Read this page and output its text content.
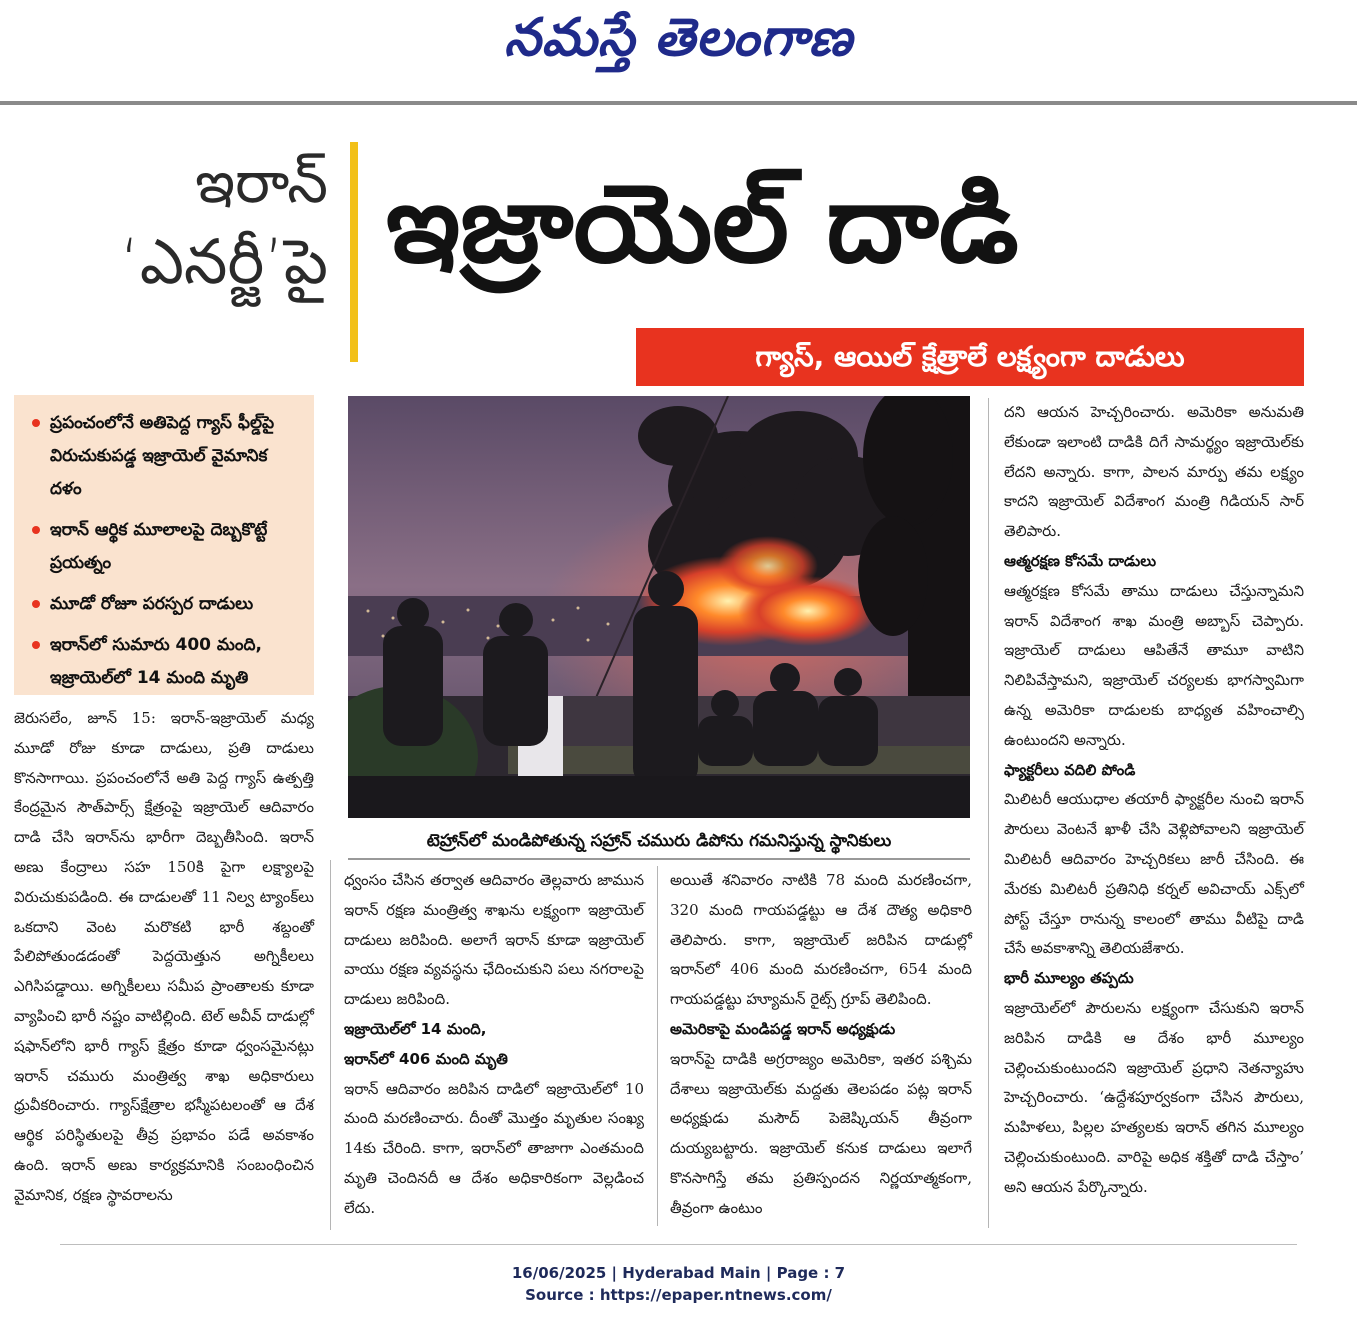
నమస్తే తెలంగాణ
ఇరాన్
‘ఎనర్జీ’పై ఇజ్రాయెల్ దాడి
గ్యాస్, ఆయిల్ క్షేత్రాలే లక్ష్యంగా దాడులు
ప్రపంచంలోనే అతిపెద్ద గ్యాస్ ఫీల్డ్‌పై విరుచుకుపడ్డ ఇజ్రాయెల్ వైమానిక దళం
ఇరాన్ ఆర్థిక మూలాలపై దెబ్బకొట్టే ప్రయత్నం
మూడో రోజూ పరస్పర దాడులు
ఇరాన్‌లో సుమారు 400 మంది, ఇజ్రాయెల్‌లో 14 మంది మృతి
టెహ్రాన్‌లో మండిపోతున్న సహ్రాన్ చమురు డిపోను గమనిస్తున్న స్థానికులు

జెరుసలేం, జూన్ 15: ఇరాన్-ఇజ్రాయెల్ మధ్య మూడో రోజు కూడా దాడులు, ప్రతి దాడులు కొనసాగాయి. ప్రపంచంలోనే అతి పెద్ద గ్యాస్ ఉత్పత్తి కేంద్రమైన సౌత్‌పార్స్ క్షేత్రంపై ఇజ్రాయెల్ ఆదివారం దాడి చేసి ఇరాన్‌ను భారీగా దెబ్బతీసింది. ఇరాన్ అణు కేంద్రాలు సహ 150కి పైగా లక్ష్యాలపై విరుచుకుపడింది. ఈ దాడులతో 11 నిల్వ ట్యాంక్‌లు ఒకదాని వెంట మరొకటి భారీ శబ్దంతో పేలిపోతుండడంతో పెద్దయెత్తున అగ్నికీలలు ఎగిసిపడ్డాయి. అగ్నికీలలు సమీప ప్రాంతాలకు కూడా వ్యాపించి భారీ నష్టం వాటిల్లింది. టెల్ అవీవ్ దాడుల్లో షఫాన్‌లోని భారీ గ్యాస్ క్షేత్రం కూడా ధ్వంసమైనట్లు ఇరాన్ చమురు మంత్రిత్వ శాఖ అధికారులు ధ్రువీకరించారు. గ్యాస్‌క్షేత్రాల భస్మీపటలంతో ఆ దేశ ఆర్థిక పరిస్థితులపై తీవ్ర ప్రభావం పడే అవకాశం ఉంది. ఇరాన్ అణు కార్యక్రమానికి సంబంధించిన వైమానిక, రక్షణ స్థావరాలను

ధ్వంసం చేసిన తర్వాత ఆదివారం తెల్లవారు జామున ఇరాన్ రక్షణ మంత్రిత్వ శాఖను లక్ష్యంగా ఇజ్రాయెల్ దాడులు జరిపింది. అలాగే ఇరాన్ కూడా ఇజ్రాయెల్ వాయు రక్షణ వ్యవస్థను ఛేదించుకుని పలు నగరాలపై దాడులు జరిపింది.

ఇజ్రాయెల్‌లో 14 మంది,
ఇరాన్‌లో 406 మంది మృతి

ఇరాన్ ఆదివారం జరిపిన దాడిలో ఇజ్రాయెల్‌లో 10 మంది మరణించారు. దీంతో మొత్తం మృతుల సంఖ్య 14కు చేరింది. కాగా, ఇరాన్‌లో తాజాగా ఎంతమంది మృతి చెందినదీ ఆ దేశం అధికారికంగా వెల్లడించ లేదు.

అయితే శనివారం నాటికి 78 మంది మరణించగా, 320 మంది గాయపడ్డట్టు ఆ దేశ దౌత్య అధికారి తెలిపారు. కాగా, ఇజ్రాయెల్ జరిపిన దాడుల్లో ఇరాన్‌లో 406 మంది మరణించగా, 654 మంది గాయపడ్డట్టు హ్యూమన్ రైట్స్ గ్రూప్ తెలిపింది.

అమెరికాపై మండిపడ్డ ఇరాన్ అధ్యక్షుడు

ఇరాన్‌పై దాడికి అగ్రరాజ్యం అమెరికా, ఇతర పశ్చిమ దేశాలు ఇజ్రాయెల్‌కు మద్దతు తెలపడం పట్ల ఇరాన్ అధ్యక్షుడు మసౌద్ పెజెష్కియన్ తీవ్రంగా దుయ్యబట్టారు. ఇజ్రాయెల్ కనుక దాడులు ఇలాగే కొనసాగిస్తే తమ ప్రతిస్పందన నిర్ణయాత్మకంగా, తీవ్రంగా ఉంటుం

దని ఆయన హెచ్చరించారు. అమెరికా అనుమతి లేకుండా ఇలాంటి దాడికి దిగే సామర్థ్యం ఇజ్రాయెల్‌కు లేదని అన్నారు. కాగా, పాలన మార్పు తమ లక్ష్యం కాదని ఇజ్రాయెల్ విదేశాంగ మంత్రి గిడియన్ సార్ తెలిపారు.

ఆత్మరక్షణ కోసమే దాడులు

ఆత్మరక్షణ కోసమే తాము దాడులు చేస్తున్నామని ఇరాన్ విదేశాంగ శాఖ మంత్రి అబ్బాస్ చెప్పారు. ఇజ్రాయెల్ దాడులు ఆపితేనే తామూ వాటిని నిలిపివేస్తామని, ఇజ్రాయెల్ చర్యలకు భాగస్వామిగా ఉన్న అమెరికా దాడులకు బాధ్యత వహించాల్సి ఉంటుందని అన్నారు.

ఫ్యాక్టరీలు వదిలి పోండి

మిలిటరీ ఆయుధాల తయారీ ఫ్యాక్టరీల నుంచి ఇరాన్ పౌరులు వెంటనే ఖాళీ చేసి వెళ్లిపోవాలని ఇజ్రాయెల్ మిలిటరీ ఆదివారం హెచ్చరికలు జారీ చేసింది. ఈ మేరకు మిలిటరీ ప్రతినిధి కర్నల్ అవిచాయ్ ఎక్స్‌లో పోస్ట్ చేస్తూ రానున్న కాలంలో తాము వీటిపై దాడి చేసే అవకాశాన్ని తెలియజేశారు.

భారీ మూల్యం తప్పదు

ఇజ్రాయెల్‌లో పౌరులను లక్ష్యంగా చేసుకుని ఇరాన్ జరిపిన దాడికి ఆ దేశం భారీ మూల్యం చెల్లించుకుంటుందని ఇజ్రాయెల్ ప్రధాని నెతన్యాహు హెచ్చరించారు. ‘ఉద్దేశపూర్వకంగా చేసిన పౌరులు, మహిళలు, పిల్లల హత్యలకు ఇరాన్ తగిన మూల్యం చెల్లించుకుంటుంది. వారిపై అధిక శక్తితో దాడి చేస్తాం’ అని ఆయన పేర్కొన్నారు.

16/06/2025 | Hyderabad Main | Page : 7
Source : https://epaper.ntnews.com/
